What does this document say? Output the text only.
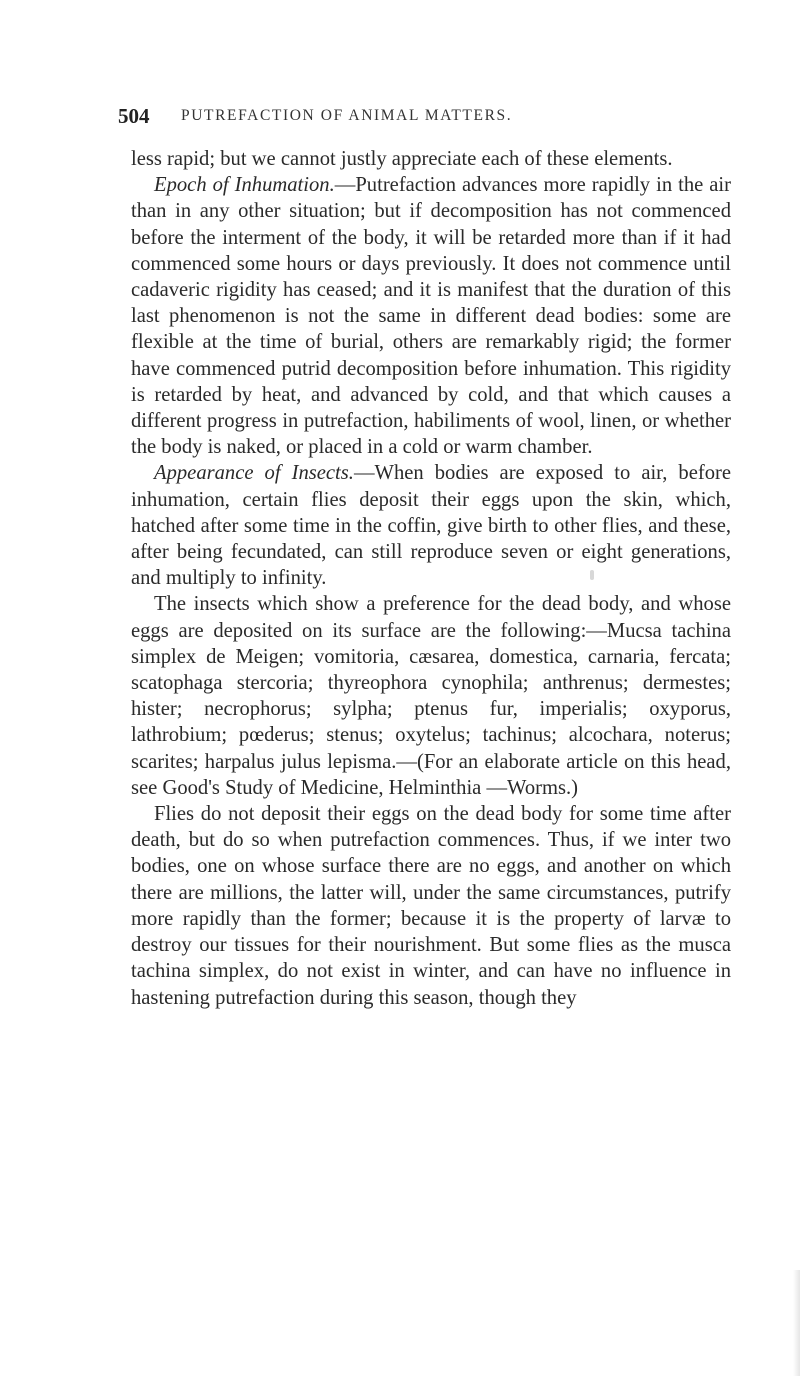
504 PUTREFACTION OF ANIMAL MATTERS.

less rapid; but we cannot justly appreciate each of these elements.

Epoch of Inhumation.—Putrefaction advances more rapidly in the air than in any other situation; but if decomposition has not commenced before the interment of the body, it will be retarded more than if it had commenced some hours or days previously. It does not commence until cadaveric rigidity has ceased; and it is manifest that the duration of this last phenomenon is not the same in different dead bodies: some are flexible at the time of burial, others are remarkably rigid; the former have commenced putrid decomposition before inhumation. This rigidity is retarded by heat, and advanced by cold, and that which causes a different progress in putrefaction, habiliments of wool, linen, or whether the body is naked, or placed in a cold or warm chamber.

Appearance of Insects.—When bodies are exposed to air, before inhumation, certain flies deposit their eggs upon the skin, which, hatched after some time in the coffin, give birth to other flies, and these, after being fecundated, can still reproduce seven or eight generations, and multiply to infinity.

The insects which show a preference for the dead body, and whose eggs are deposited on its surface are the following:—Mucsa tachina simplex de Meigen; vomitoria, cæsarea, domestica, carnaria, fercata; scatophaga stercoria; thyreophora cynophila; anthrenus; dermestes; hister; necrophorus; sylpha; ptenus fur, imperialis; oxyporus, lathrobium; pœderus; stenus; oxytelus; tachinus; alcochara, noterus; scarites; harpalus julus lepisma.—(For an elaborate article on this head, see Good's Study of Medicine, Helminthia —Worms.)

Flies do not deposit their eggs on the dead body for some time after death, but do so when putrefaction commences. Thus, if we inter two bodies, one on whose surface there are no eggs, and another on which there are millions, the latter will, under the same circumstances, putrify more rapidly than the former; because it is the property of larvæ to destroy our tissues for their nourishment. But some flies as the musca tachina simplex, do not exist in winter, and can have no influence in hastening putrefaction during this season, though they
